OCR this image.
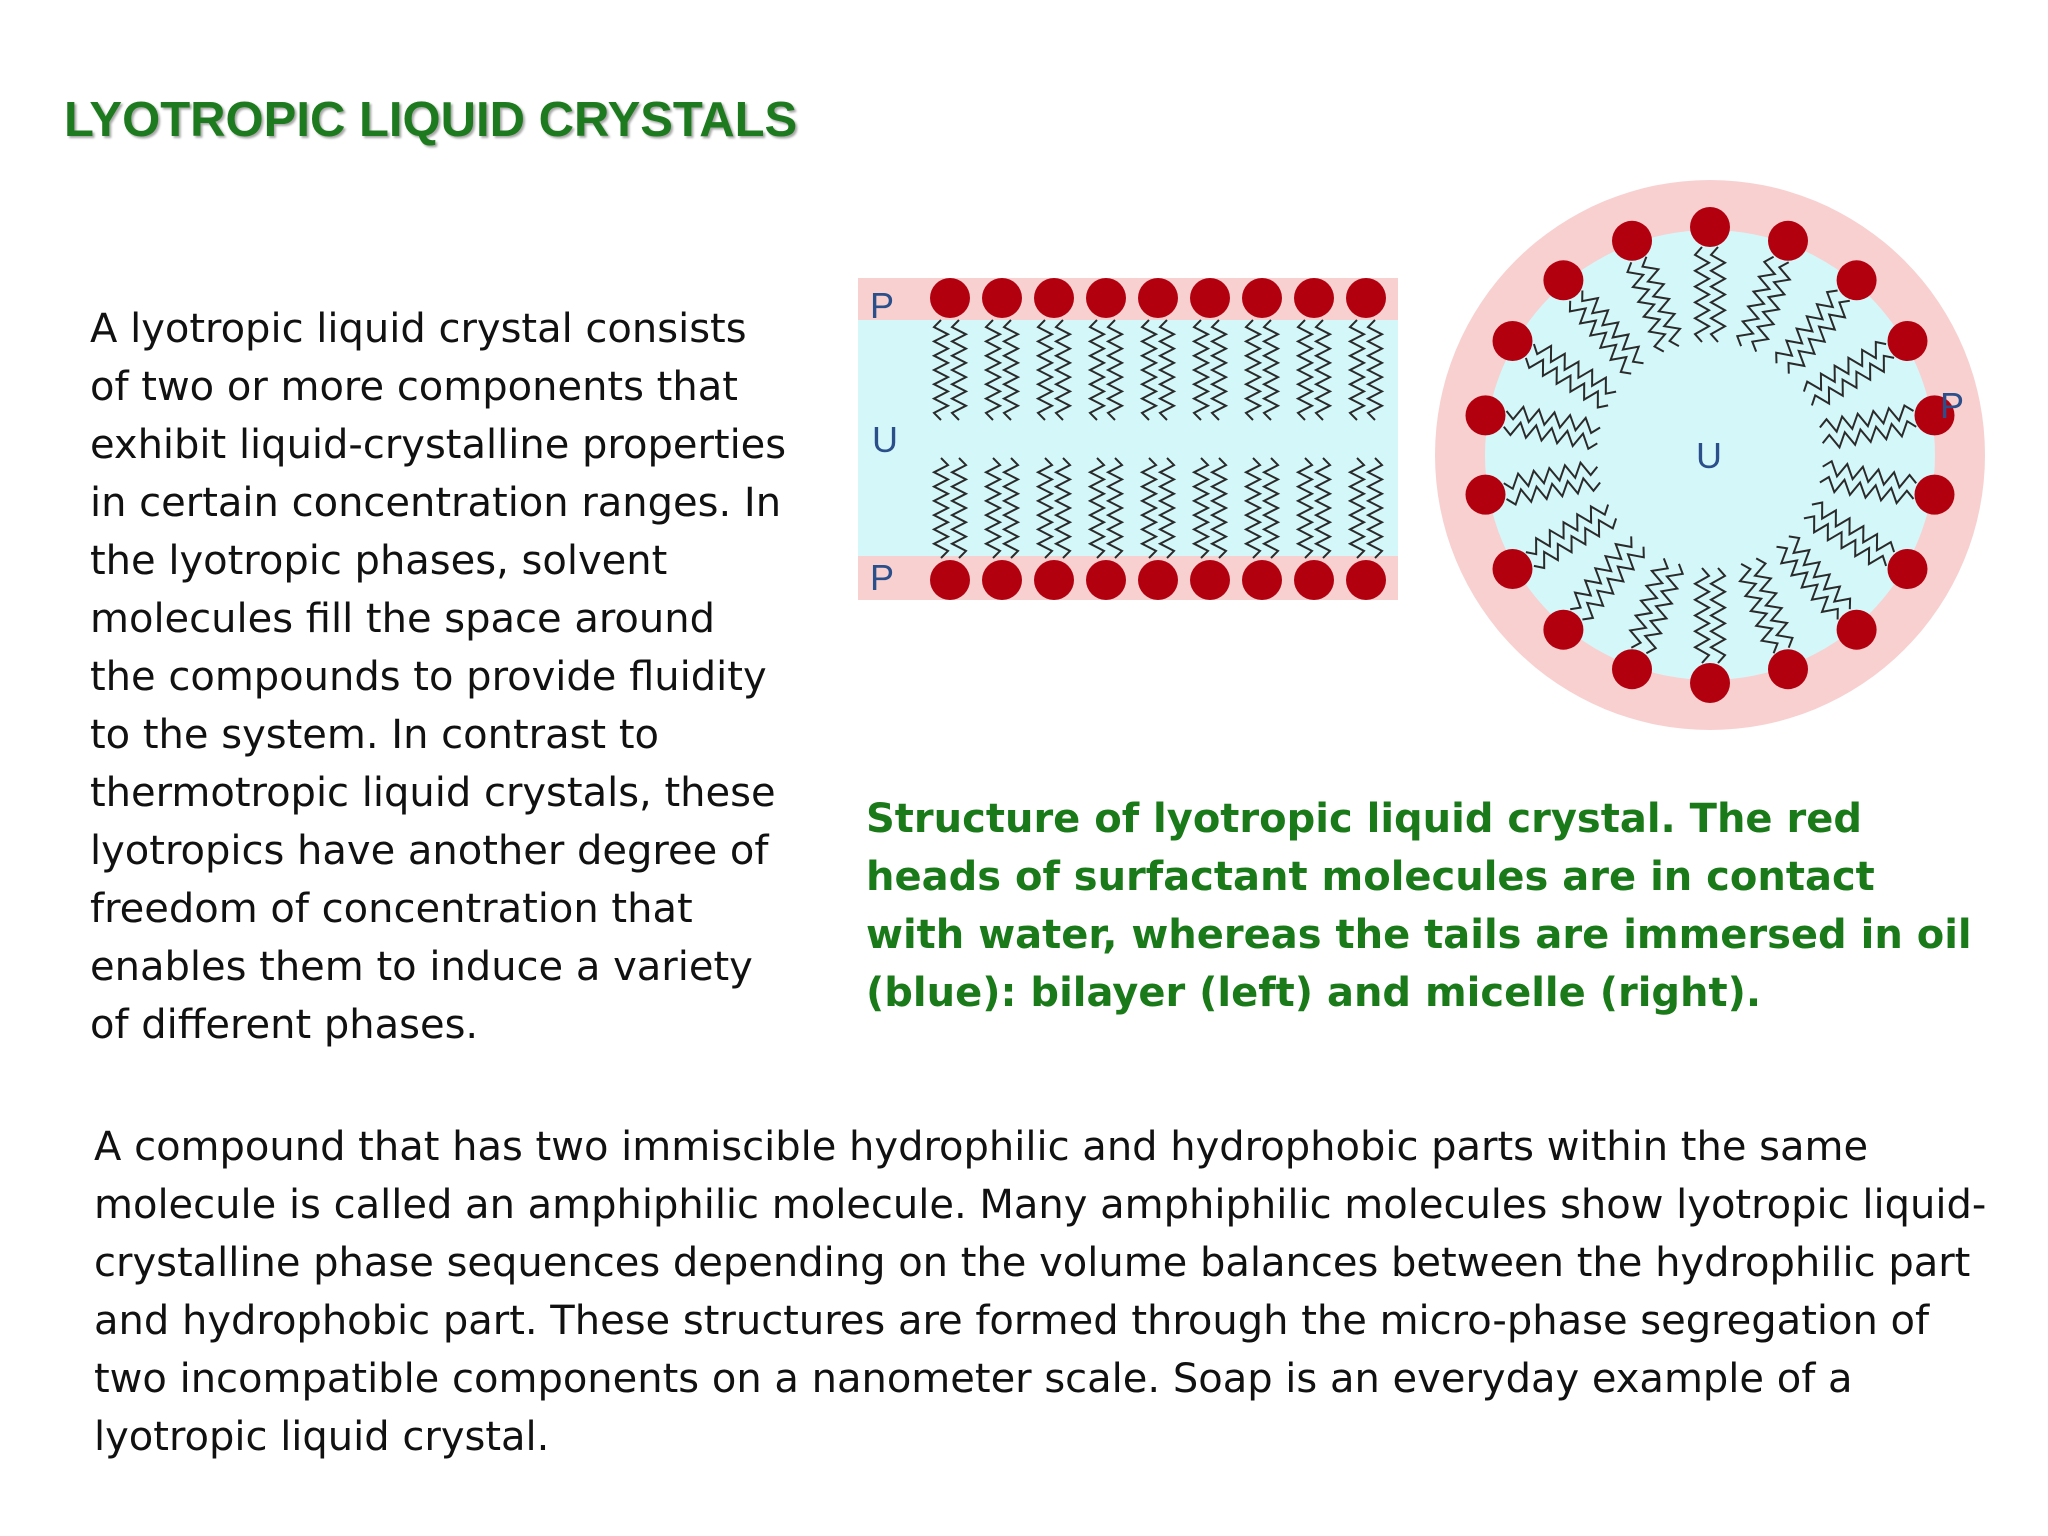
LYOTROPIC LIQUID CRYSTALS

A lyotropic liquid crystal consists of two or more components that exhibit liquid-crystalline properties in certain concentration ranges. In the lyotropic phases, solvent molecules fill the space around the compounds to provide fluidity to the system. In contrast to thermotropic liquid crystals, these lyotropics have another degree of freedom of concentration that enables them to induce a variety of different phases.

P
U
P
U
P

Structure of lyotropic liquid crystal. The red heads of surfactant molecules are in contact with water, whereas the tails are immersed in oil (blue): bilayer (left) and micelle (right).

A compound that has two immiscible hydrophilic and hydrophobic parts within the same molecule is called an amphiphilic molecule. Many amphiphilic molecules show lyotropic liquid-crystalline phase sequences depending on the volume balances between the hydrophilic part and hydrophobic part. These structures are formed through the micro-phase segregation of two incompatible components on a nanometer scale. Soap is an everyday example of a lyotropic liquid crystal.
